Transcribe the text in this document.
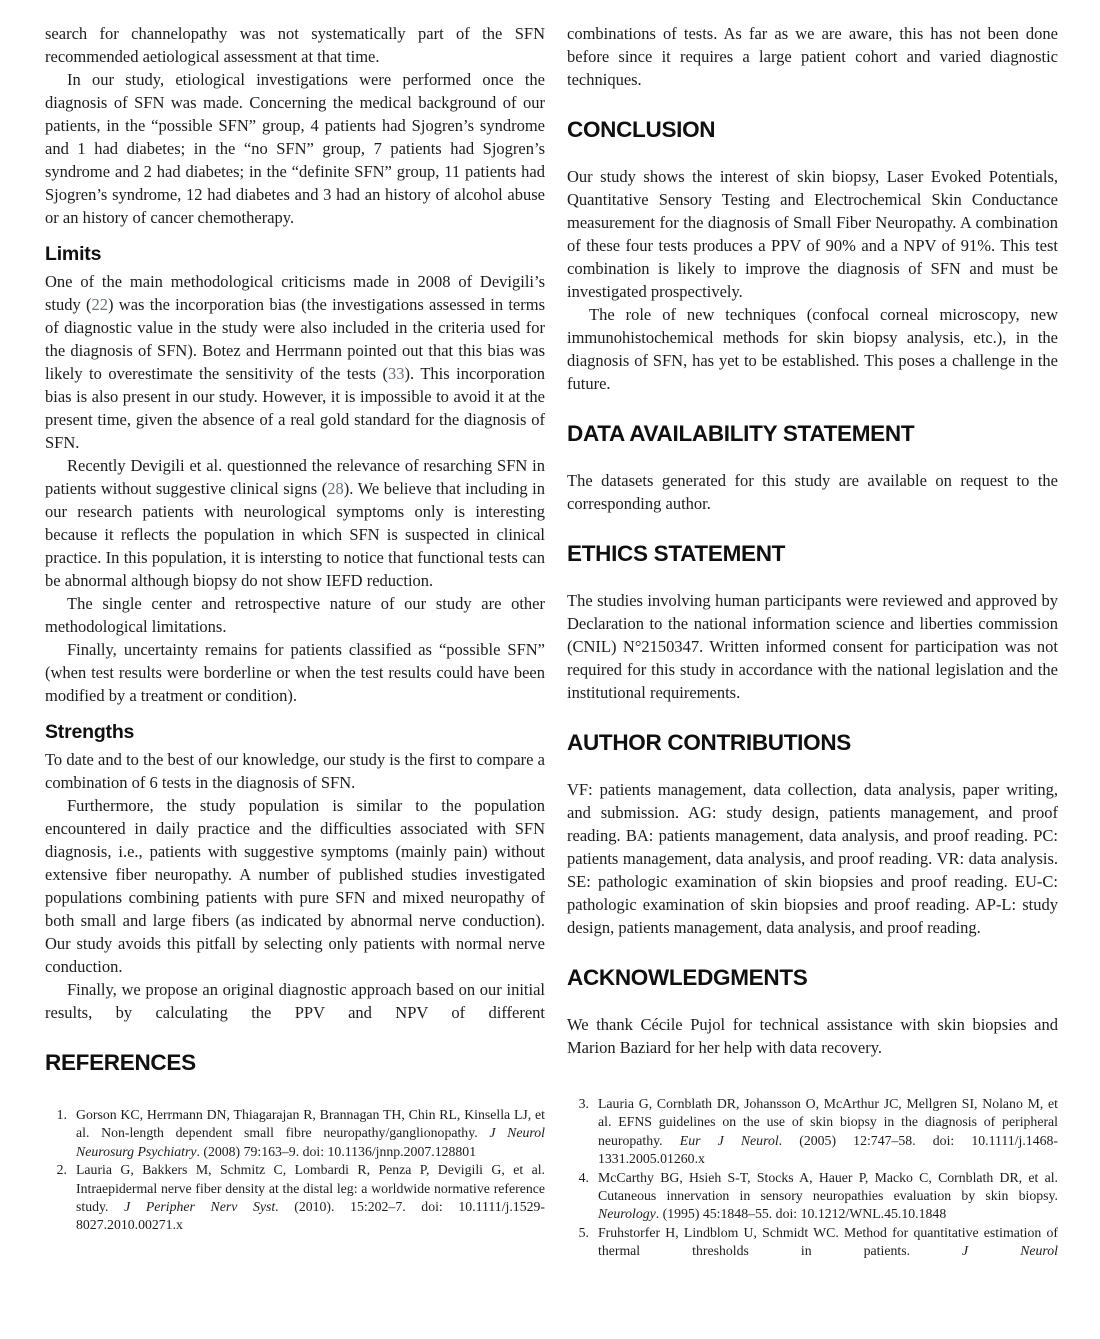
search for channelopathy was not systematically part of the SFN recommended aetiological assessment at that time.

In our study, etiological investigations were performed once the diagnosis of SFN was made. Concerning the medical background of our patients, in the “possible SFN” group, 4 patients had Sjogren’s syndrome and 1 had diabetes; in the “no SFN” group, 7 patients had Sjogren’s syndrome and 2 had diabetes; in the “definite SFN” group, 11 patients had Sjogren’s syndrome, 12 had diabetes and 3 had an history of alcohol abuse or an history of cancer chemotherapy.

Limits

One of the main methodological criticisms made in 2008 of Devigili’s study (22) was the incorporation bias (the investigations assessed in terms of diagnostic value in the study were also included in the criteria used for the diagnosis of SFN). Botez and Herrmann pointed out that this bias was likely to overestimate the sensitivity of the tests (33). This incorporation bias is also present in our study. However, it is impossible to avoid it at the present time, given the absence of a real gold standard for the diagnosis of SFN.

Recently Devigili et al. questionned the relevance of resarching SFN in patients without suggestive clinical signs (28). We believe that including in our research patients with neurological symptoms only is interesting because it reflects the population in which SFN is suspected in clinical practice. In this population, it is intersting to notice that functional tests can be abnormal although biopsy do not show IEFD reduction.

The single center and retrospective nature of our study are other methodological limitations.

Finally, uncertainty remains for patients classified as “possible SFN” (when test results were borderline or when the test results could have been modified by a treatment or condition).

Strengths

To date and to the best of our knowledge, our study is the first to compare a combination of 6 tests in the diagnosis of SFN.

Furthermore, the study population is similar to the population encountered in daily practice and the difficulties associated with SFN diagnosis, i.e., patients with suggestive symptoms (mainly pain) without extensive fiber neuropathy. A number of published studies investigated populations combining patients with pure SFN and mixed neuropathy of both small and large fibers (as indicated by abnormal nerve conduction). Our study avoids this pitfall by selecting only patients with normal nerve conduction.

Finally, we propose an original diagnostic approach based on our initial results, by calculating the PPV and NPV of different

REFERENCES
1. Gorson KC, Herrmann DN, Thiagarajan R, Brannagan TH, Chin RL, Kinsella LJ, et al. Non-length dependent small fibre neuropathy/ganglionopathy. J Neurol Neurosurg Psychiatry. (2008) 79:163–9. doi: 10.1136/jnnp.2007.128801
2. Lauria G, Bakkers M, Schmitz C, Lombardi R, Penza P, Devigili G, et al. Intraepidermal nerve fiber density at the distal leg: a worldwide normative reference study. J Peripher Nerv Syst. (2010). 15:202–7. doi: 10.1111/j.1529-8027.2010.00271.x

combinations of tests. As far as we are aware, this has not been done before since it requires a large patient cohort and varied diagnostic techniques.

CONCLUSION

Our study shows the interest of skin biopsy, Laser Evoked Potentials, Quantitative Sensory Testing and Electrochemical Skin Conductance measurement for the diagnosis of Small Fiber Neuropathy. A combination of these four tests produces a PPV of 90% and a NPV of 91%. This test combination is likely to improve the diagnosis of SFN and must be investigated prospectively.

The role of new techniques (confocal corneal microscopy, new immunohistochemical methods for skin biopsy analysis, etc.), in the diagnosis of SFN, has yet to be established. This poses a challenge in the future.

DATA AVAILABILITY STATEMENT

The datasets generated for this study are available on request to the corresponding author.

ETHICS STATEMENT

The studies involving human participants were reviewed and approved by Declaration to the national information science and liberties commission (CNIL) N°2150347. Written informed consent for participation was not required for this study in accordance with the national legislation and the institutional requirements.

AUTHOR CONTRIBUTIONS

VF: patients management, data collection, data analysis, paper writing, and submission. AG: study design, patients management, and proof reading. BA: patients management, data analysis, and proof reading. PC: patients management, data analysis, and proof reading. VR: data analysis. SE: pathologic examination of skin biopsies and proof reading. EU-C: pathologic examination of skin biopsies and proof reading. AP-L: study design, patients management, data analysis, and proof reading.

ACKNOWLEDGMENTS

We thank Cécile Pujol for technical assistance with skin biopsies and Marion Baziard for her help with data recovery.

3. Lauria G, Cornblath DR, Johansson O, McArthur JC, Mellgren SI, Nolano M, et al. EFNS guidelines on the use of skin biopsy in the diagnosis of peripheral neuropathy. Eur J Neurol. (2005) 12:747–58. doi: 10.1111/j.1468-1331.2005.01260.x
4. McCarthy BG, Hsieh S-T, Stocks A, Hauer P, Macko C, Cornblath DR, et al. Cutaneous innervation in sensory neuropathies evaluation by skin biopsy. Neurology. (1995) 45:1848–55. doi: 10.1212/WNL.45.10.1848
5. Fruhstorfer H, Lindblom U, Schmidt WC. Method for quantitative estimation of thermal thresholds in patients. J Neurol
